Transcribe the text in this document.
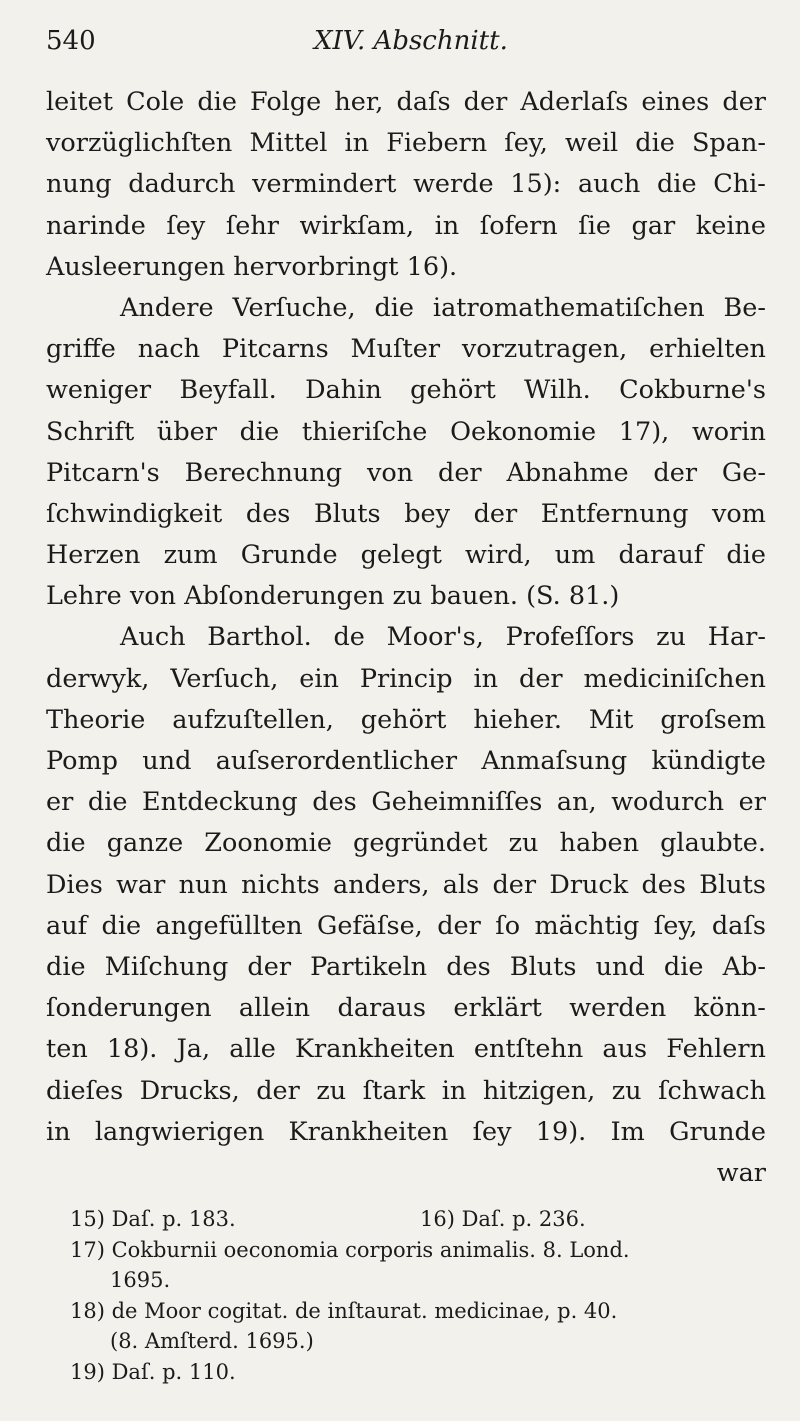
540	XIV. Abschnitt.
leitet Cole die Folge her, daſs der Aderlaſs eines der
vorzüglichſten Mittel in Fiebern ſey, weil die Span-
nung dadurch vermindert werde 15): auch die Chi-
narinde ſey ſehr wirkſam, in ſofern ſie gar keine
Ausleerungen hervorbringt 16).
Andere Verſuche, die iatromathematiſchen Be-
griffe nach Pitcarns Muſter vorzutragen, erhielten
weniger Beyfall. Dahin gehört Wilh. Cokburne's
Schrift über die thieriſche Oekonomie 17), worin
Pitcarn's Berechnung von der Abnahme der Ge-
ſchwindigkeit des Bluts bey der Entfernung vom
Herzen zum Grunde gelegt wird, um darauf die
Lehre von Abſonderungen zu bauen. (S. 81.)
Auch Barthol. de Moor's, Profeſſors zu Har-
derwyk, Verſuch, ein Princip in der mediciniſchen
Theorie aufzuſtellen, gehört hieher. Mit groſsem
Pomp und auſserordentlicher Anmaſsung kündigte
er die Entdeckung des Geheimniſſes an, wodurch er
die ganze Zoonomie gegründet zu haben glaubte.
Dies war nun nichts anders, als der Druck des Bluts
auf die angefüllten Gefäſse, der ſo mächtig ſey, daſs
die Miſchung der Partikeln des Bluts und die Ab-
ſonderungen allein daraus erklärt werden könn-
ten 18). Ja, alle Krankheiten entſtehn aus Fehlern
dieſes Drucks, der zu ſtark in hitzigen, zu ſchwach
in langwierigen Krankheiten ſey 19). Im Grunde
war
15) Daſ. p. 183.	16) Daſ. p. 236.
17) Cokburnii oeconomia corporis animalis. 8. Lond.
1695.
18) de Moor cogitat. de inſtaurat. medicinae, p. 40.
(8. Amſterd. 1695.)
19) Daſ. p. 110.
